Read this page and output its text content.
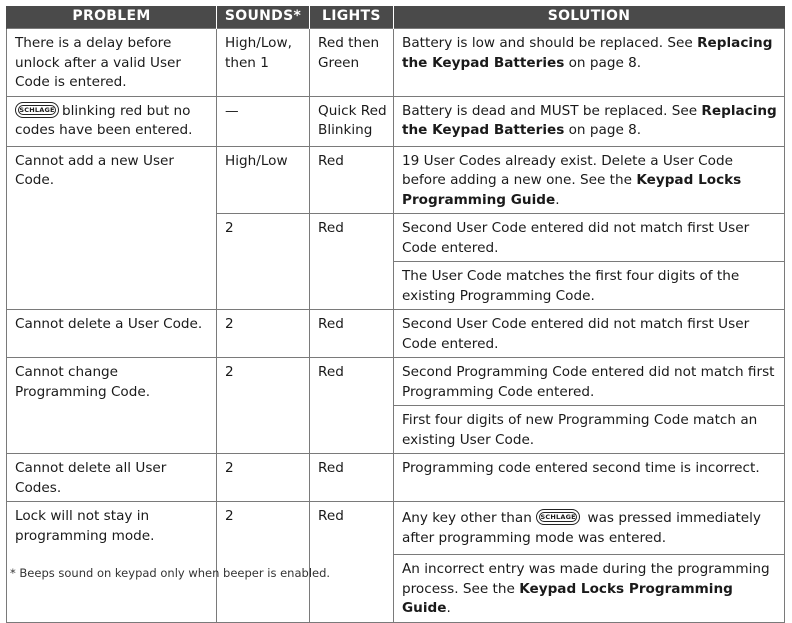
PROBLEM	SOUNDS*	LIGHTS	SOLUTION
There is a delay before unlock after a valid User Code is entered.	High/Low, then 1	Red then Green	Battery is low and should be replaced. See Replacing the Keypad Batteries on page 8.

SCHLAGE blinking red but no codes have been entered.	—	Quick Red Blinking	Battery is dead and MUST be replaced. See Replacing the Keypad Batteries on page 8.
Cannot add a new User Code.	High/Low	Red	19 User Codes already exist. Delete a User Code before adding a new one. See the Keypad Locks Programming Guide.
	2	Red	Second User Code entered did not match first User Code entered.
			The User Code matches the first four digits of the existing Programming Code.
Cannot delete a User Code.	2	Red	Second User Code entered did not match first User Code entered.
Cannot change Programming Code.	2	Red	Second Programming Code entered did not match first Programming Code entered.
			First four digits of new Programming Code match an existing User Code.
Cannot delete all User Codes.	2	Red	Programming code entered second time is incorrect.
Lock will not stay in programming mode.	2	Red	Any key other than SCHLAGE was pressed immediately after programming mode was entered.
			An incorrect entry was made during the programming process. See the Keypad Locks Programming Guide.
* Beeps sound on keypad only when beeper is enabled.
